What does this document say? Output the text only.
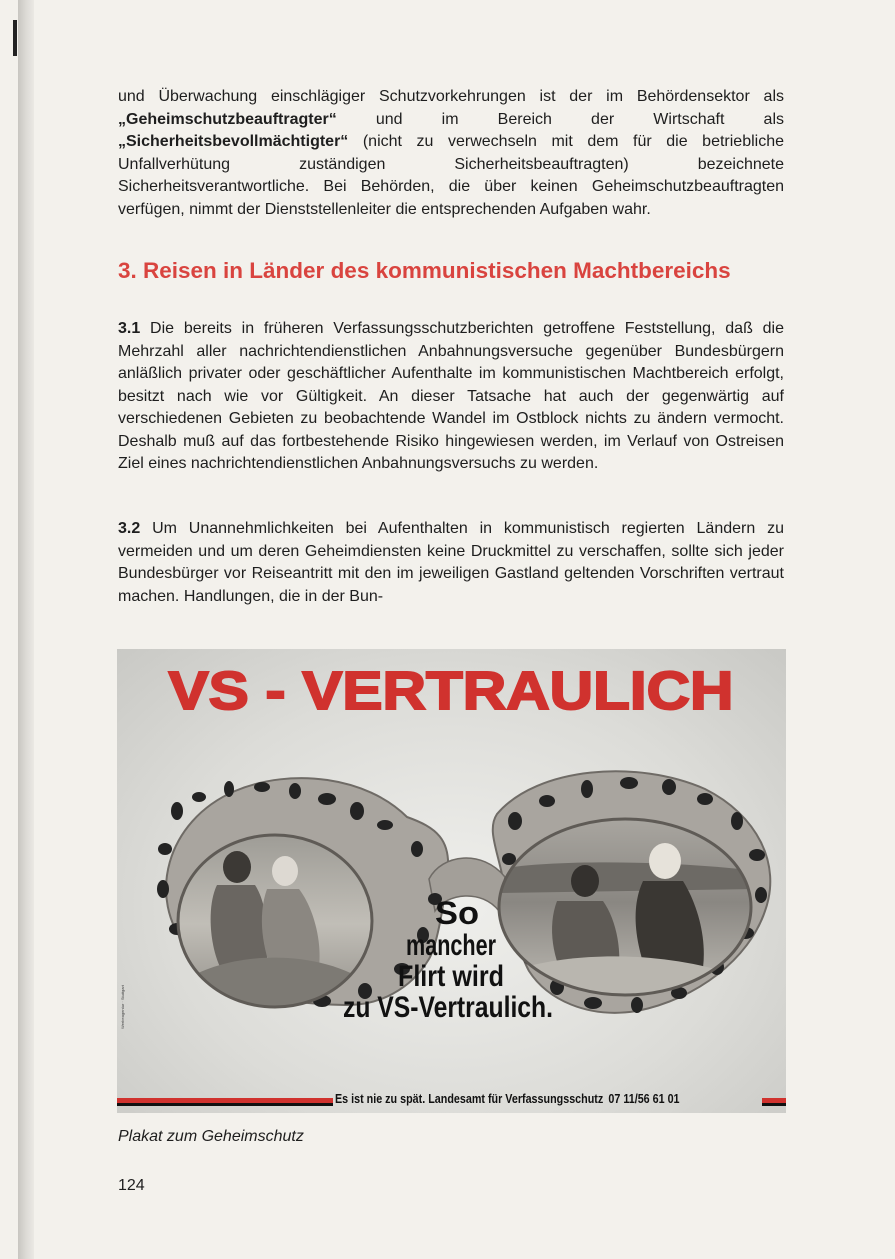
und Überwachung einschlägiger Schutzvorkehrungen ist der im Behördensektor als „Geheimschutzbeauftragter“ und im Bereich der Wirtschaft als „Sicherheitsbevollmächtigter“ (nicht zu verwechseln mit dem für die betriebliche Unfallverhütung zuständigen Sicherheitsbeauftragten) bezeichnete Sicherheitsverantwortliche. Bei Behörden, die über keinen Geheimschutzbeauftragten verfügen, nimmt der Dienststellenleiter die entsprechenden Aufgaben wahr.

3. Reisen in Länder des kommunistischen Machtbereichs

3.1 Die bereits in früheren Verfassungsschutzberichten getroffene Feststellung, daß die Mehrzahl aller nachrichtendienstlichen Anbahnungsversuche gegenüber Bundesbürgern anläßlich privater oder geschäftlicher Aufenthalte im kommunistischen Machtbereich erfolgt, besitzt nach wie vor Gültigkeit. An dieser Tatsache hat auch der gegenwärtig auf verschiedenen Gebieten zu beobachtende Wandel im Ostblock nichts zu ändern vermocht. Deshalb muß auf das fortbestehende Risiko hingewiesen werden, im Verlauf von Ostreisen Ziel eines nachrichtendienstlichen Anbahnungsversuchs zu werden.

3.2 Um Unannehmlichkeiten bei Aufenthalten in kommunistisch regierten Ländern zu vermeiden und um deren Geheimdiensten keine Druckmittel zu verschaffen, sollte sich jeder Bundesbürger vor Reiseantritt mit den im jeweiligen Gastland geltenden Vorschriften vertraut machen. Handlungen, die in der Bun-

VS - VERTRAULICH
So
mancher
Flirt wird
zu VS-Vertraulich.
Werbeagentur · Stuttgart
Es ist nie zu spät. Landesamt für Verfassungsschutz 07 11/56 61 01

Plakat zum Geheimschutz

124
